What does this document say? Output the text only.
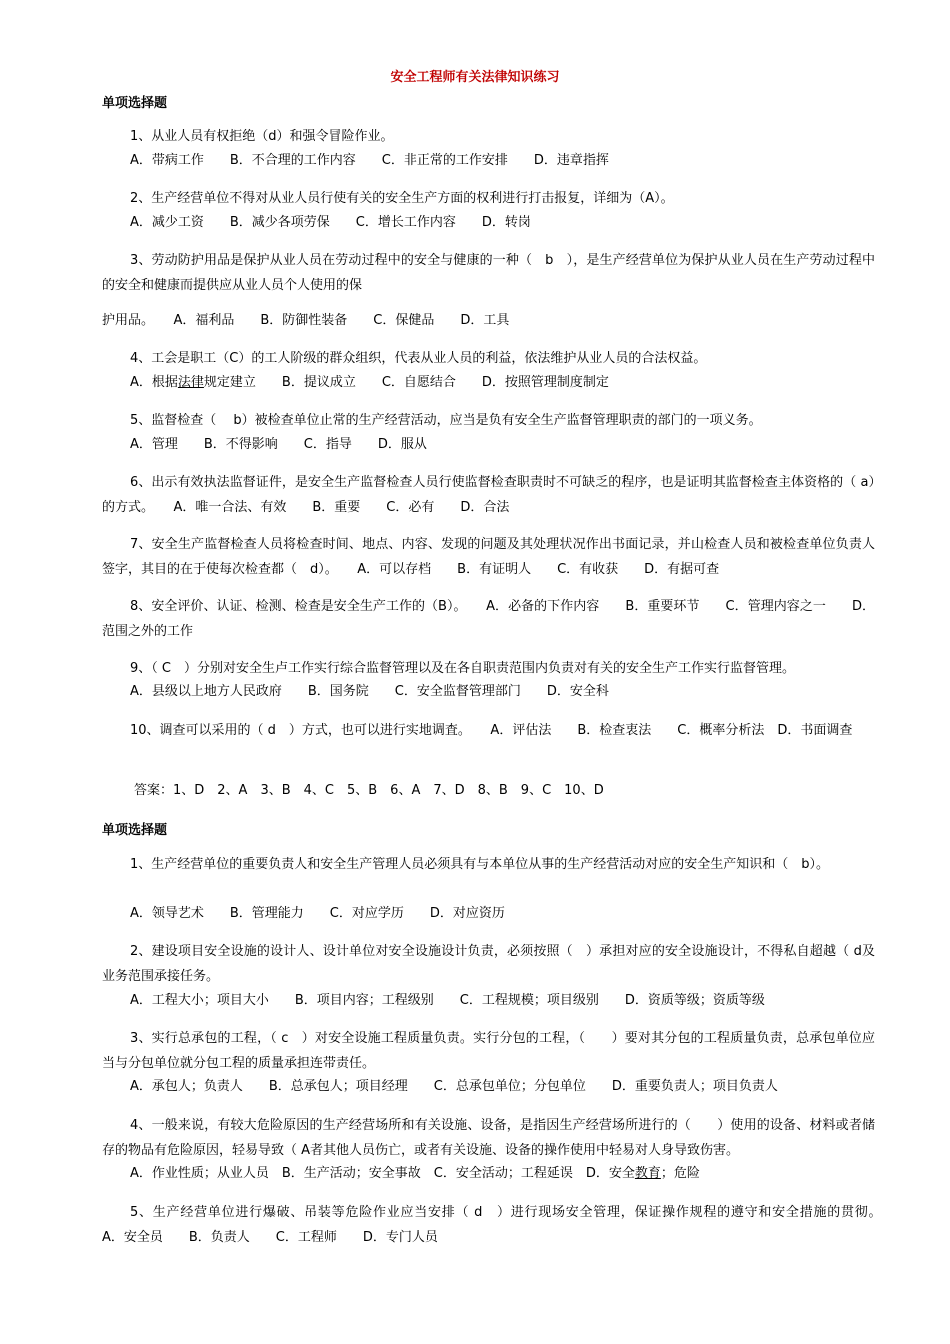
安全工程师有关法律知识练习
单项选择题
1、从业人员有权拒绝（d）和强令冒险作业。
A．带病工作　　B．不合理的工作内容　　C．非正常的工作安排　　D．违章指挥
2、生产经营单位不得对从业人员行使有关的安全生产方面的权利进行打击报复，详细为（A）。
A．减少工资　　B．减少各项劳保　　C．增长工作内容　　D．转岗
3、劳动防护用品是保护从业人员在劳动过程中的安全与健康的一种（　b　），是生产经营单位为保护从业人员在生产劳动过程中的安全和健康而提供应从业人员个人使用的保
护用品。　　A．福利品　　B．防御性装备　　C．保健品　　D．工具
4、工会是职工（C）的工人阶级的群众组织，代表从业人员的利益，依法维护从业人员的合法权益。
A．根据法律规定建立　　B．提议成立　　C．自愿结合　　D．按照管理制度制定
5、监督检查（　 b）被检查单位止常的生产经营活动，应当是负有安全生产监督管理职责的部门的一项义务。
A．管理　　B．不得影响　　C．指导　　D．服从
6、出示有效执法监督证件，是安全生产监督检查人员行使监督检查职责时不可缺乏的程序，也是证明其监督检查主体资格的（ a）的方式。　　A．唯一合法、有效　　B．重要　　C．必有　　D．合法
7、安全生产监督检查人员将检查时间、地点、内容、发现的问题及其处理状况作出书面记录，并山检查人员和被检查单位负责人签字，其目的在于使每次检查都（　d）。　　A．可以存档　　B．有证明人　　C．有收获　　D．有据可查
8、安全评价、认证、检测、检查是安全生产工作的（B）。　　A．必备的下作内容　　B．重要环节　　C．管理内容之一　　D．范围之外的工作
9、（ C　）分别对安全生卢工作实行综合监督管理以及在各自职责范围内负责对有关的安全生产工作实行监督管理。
A．县级以上地方人民政府　　B．国务院　　C．安全监督管理部门　　D．安全科
10、调查可以采用的（ d　）方式，也可以进行实地调査。　　A．评估法　　B．检查衷法　　C．概率分析法　D．书面调查
答案：1、D　2、A　3、B　4、C　5、B　6、A　7、D　8、B　9、C　10、D
单项选择题
1、生产经营单位的重要负责人和安全生产管理人员必须具有与本单位从事的生产经营活动对应的安全生产知识和（　b）。
A．领导艺术　　B．管理能力　　C．对应学历　　D．对应资历
2、建设项目安全设施的设计人、设计单位对安全设施设计负责，必须按照（　）承担对应的安全设施设计，不得私自超越（ d及业务范围承接任务。
A．工程大小；项目大小　　B．项目内容；工程级别　　C．工程规模；项目级别　　D．资质等级；资质等级
3、实行总承包的工程，（ c　）对安全设施工程质量负责。实行分包的工程，（　　）要对其分包的工程质量负责，总承包单位应当与分包单位就分包工程的质量承担连带责任。
A．承包人；负责人　　B．总承包人；项目经理　　C．总承包单位；分包单位　　D．重要负责人；项目负责人
4、一般来说，有较大危险原因的生产经营场所和有关设施、设备，是指因生产经营场所进行的（　　）使用的设备、材料或者储存的物品有危险原因，轻易导致（ A者其他人员伤亡，或者有关设施、设备的操作使用中轻易对人身导致伤害。
A．作业性质；从业人员　B．生产活动；安全事故　C．安全活动；工程延误　D．安全教育；危险
5、生产经营单位进行爆破、吊装等危险作业应当安排（ d　）进行现场安全管理，保证操作规程的遵守和安全措施的贯彻。　　A．安全员　　B．负责人　　C．工程师　　D．专门人员
